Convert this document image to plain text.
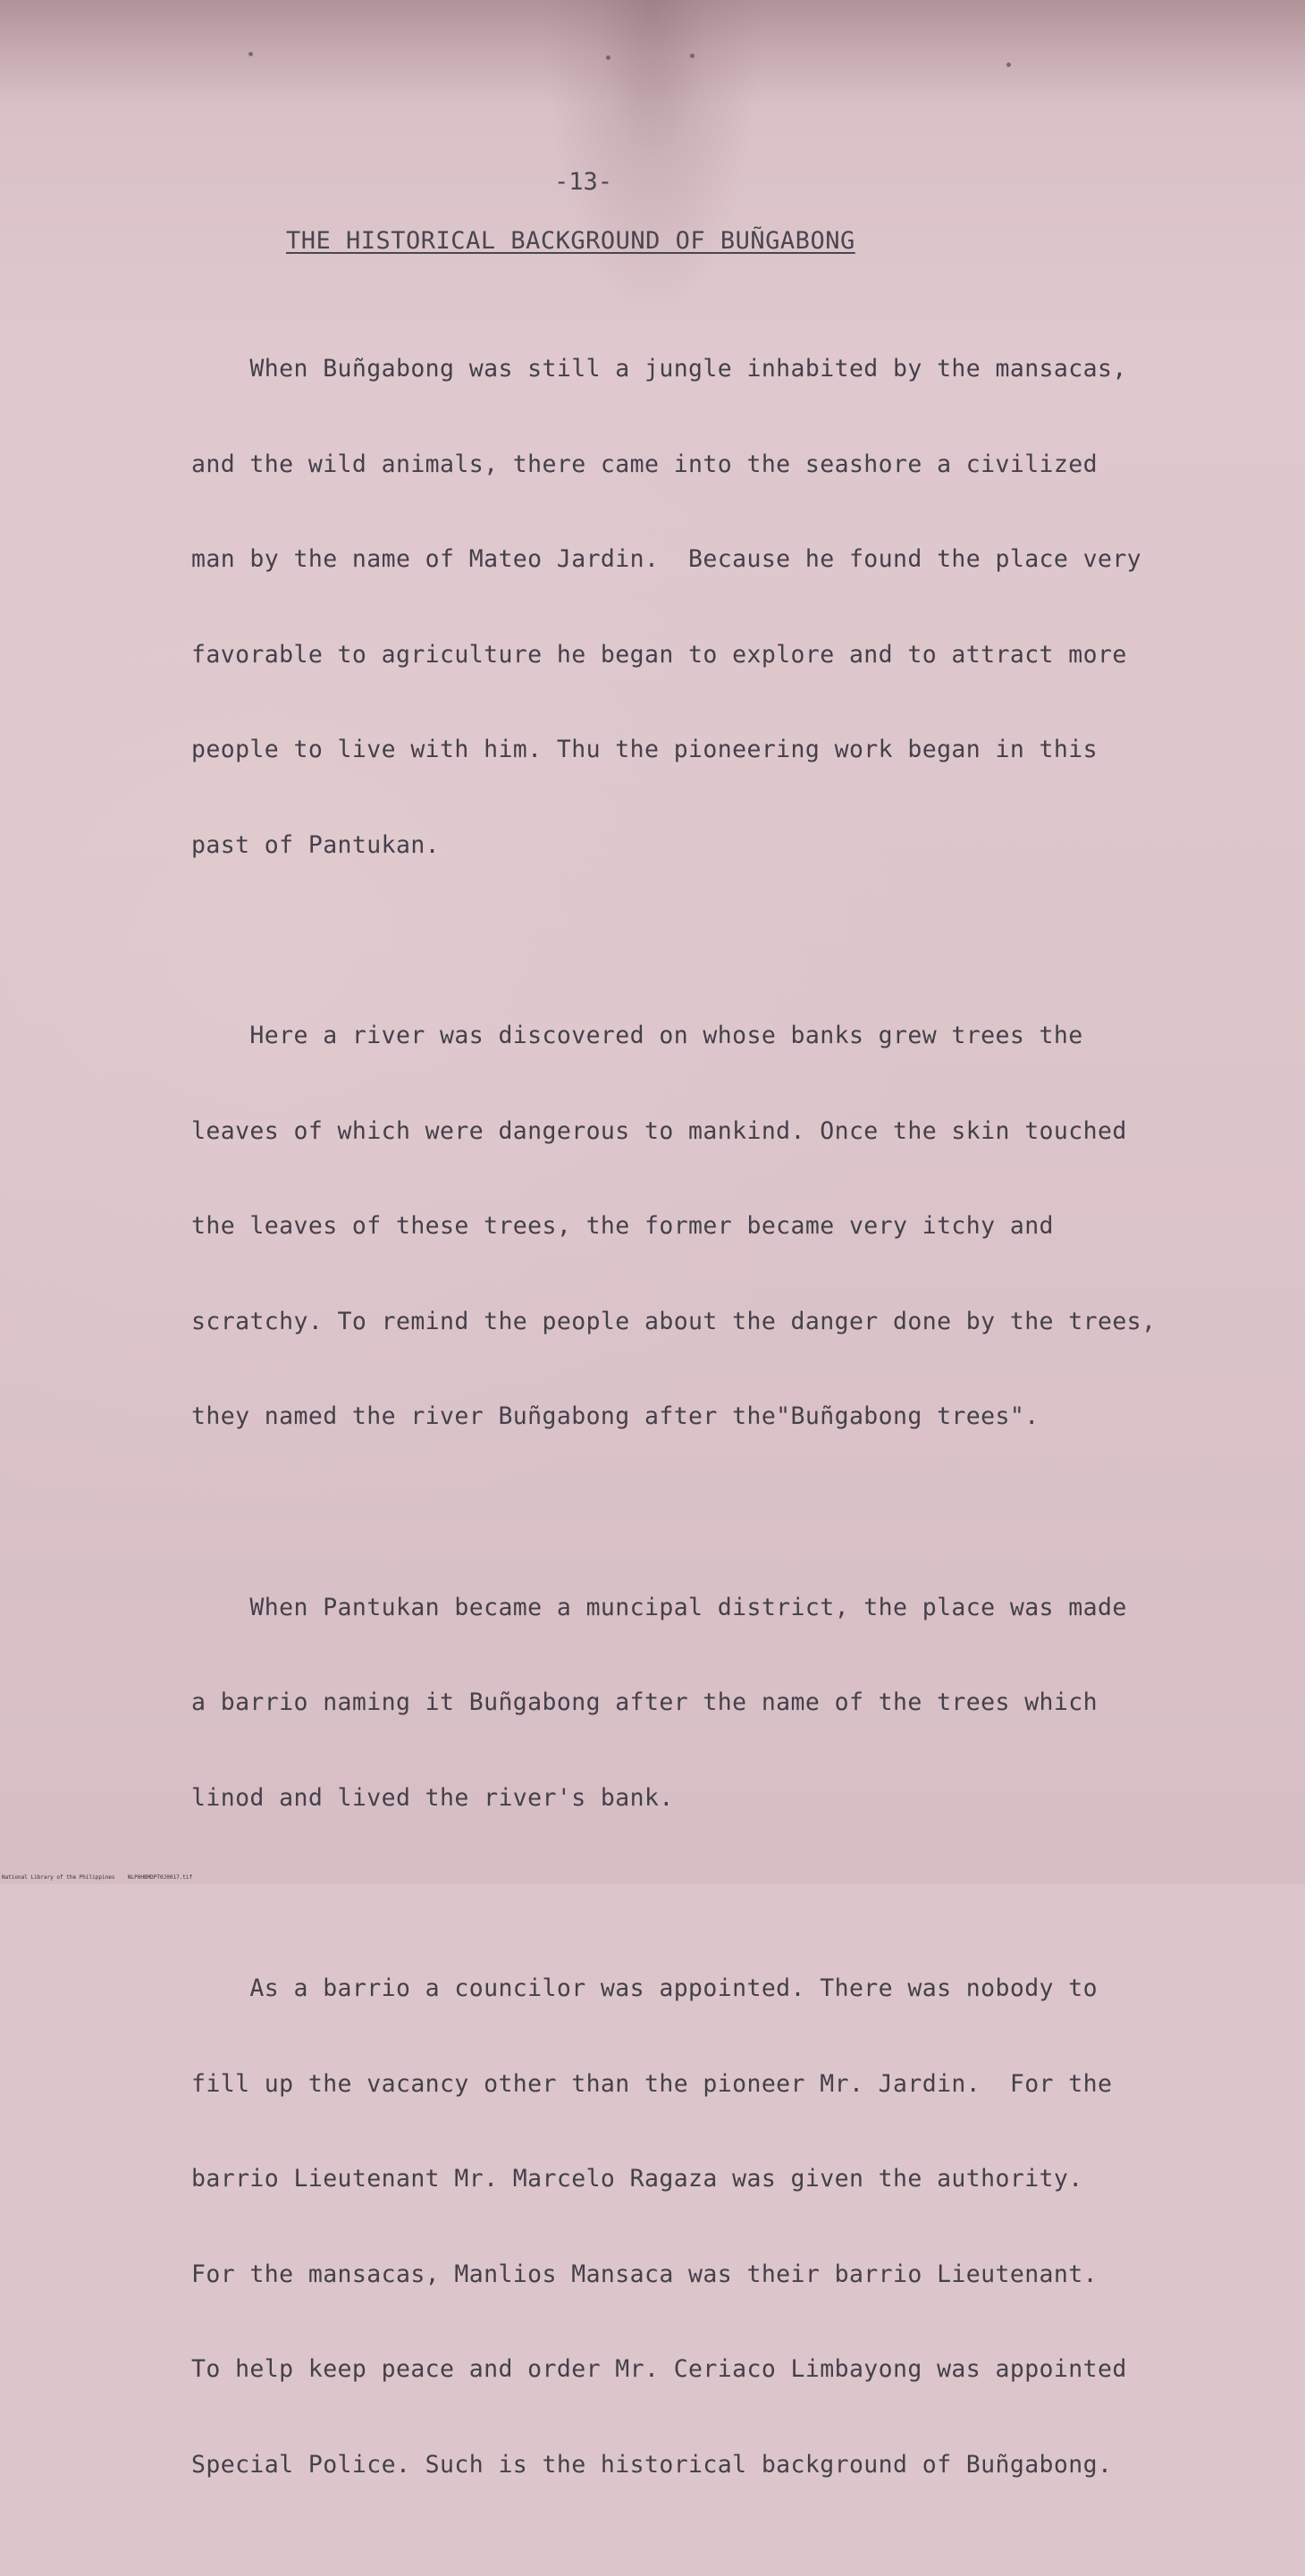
-13-
THE HISTORICAL BACKGROUND OF BUÑGABONG

When Buñgabong was still a jungle inhabited by the mansacas,

and the wild animals, there came into the seashore a civilized

man by the name of Mateo Jardin.  Because he found the place very

favorable to agriculture he began to explore and to attract more

people to live with him. Thu the pioneering work began in this

past of Pantukan.

Here a river was discovered on whose banks grew trees the

leaves of which were dangerous to mankind. Once the skin touched

the leaves of these trees, the former became very itchy and

scratchy. To remind the people about the danger done by the trees,

they named the river Buñgabong after the"Buñgabong trees".

When Pantukan became a muncipal district, the place was made

a barrio naming it Buñgabong after the name of the trees which

linod and lived the river's bank.

As a barrio a councilor was appointed. There was nobody to

fill up the vacancy other than the pioneer Mr. Jardin.  For the

barrio Lieutenant Mr. Marcelo Ragaza was given the authority.

For the mansacas, Manlios Mansaca was their barrio Lieutenant.

To help keep peace and order Mr. Ceriaco Limbayong was appointed

Special Police. Such is the historical background of Buñgabong.

National Library of the Philippines    NLP0HBMDPT0J0017.tif
